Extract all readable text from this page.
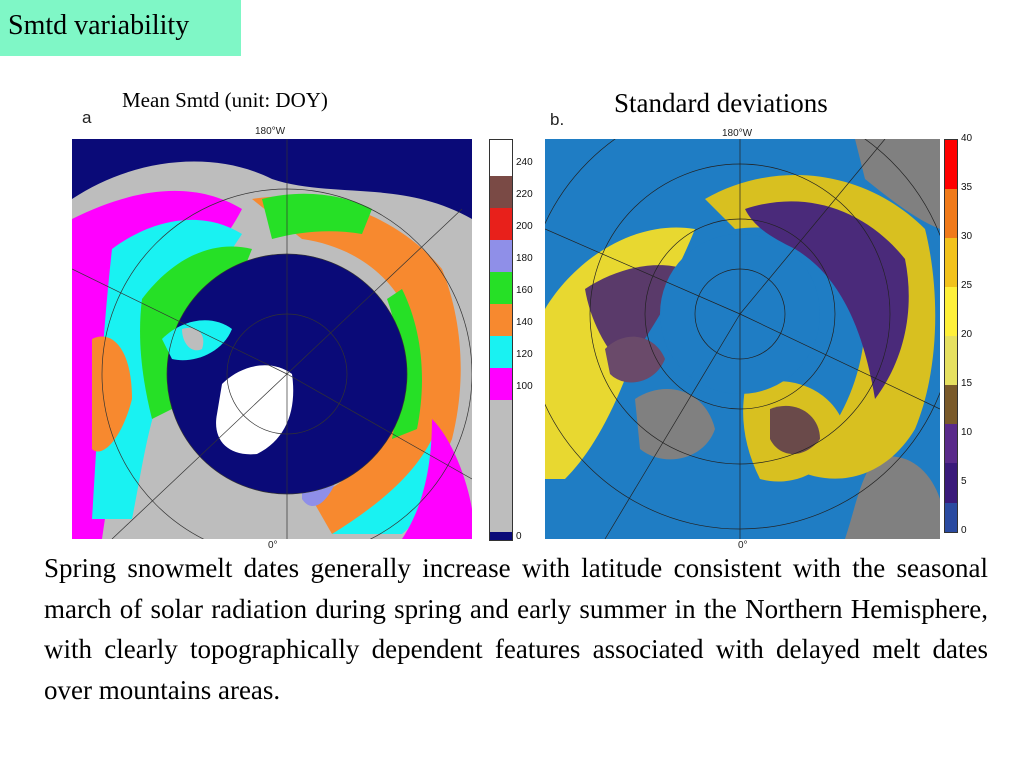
Smtd variability
Mean Smtd (unit: DOY)	Standard deviations
a	b.
180°W
0°
180°W
0°
Spring snowmelt dates generally increase with latitude consistent with the seasonal march of solar radiation during spring and early summer in the Northern Hemisphere, with clearly topographically dependent features associated with delayed melt dates over mountains areas.
240
220
200
180
160
140
120
100
0
40
35
30
25
20
15
10
5
0
